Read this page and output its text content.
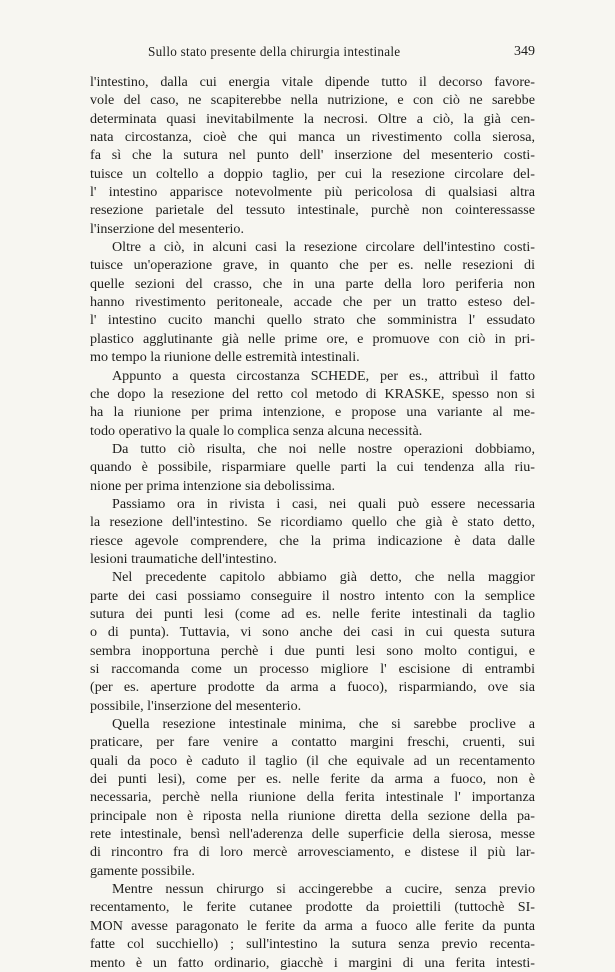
Sullo stato presente della chirurgia intestinale	349
l'intestino, dalla cui energia vitale dipende tutto il decorso favore-
vole del caso, ne scapiterebbe nella nutrizione, e con ciò ne sarebbe
determinata quasi inevitabilmente la necrosi. Oltre a ciò, la già cen-
nata circostanza, cioè che qui manca un rivestimento colla sierosa,
fa sì che la sutura nel punto dell' inserzione del mesenterio costi-
tuisce un coltello a doppio taglio, per cui la resezione circolare del-
l' intestino apparisce notevolmente più pericolosa di qualsiasi altra
resezione parietale del tessuto intestinale, purchè non cointeressasse
l'inserzione del mesenterio.
Oltre a ciò, in alcuni casi la resezione circolare dell'intestino costi-
tuisce un'operazione grave, in quanto che per es. nelle resezioni di
quelle sezioni del crasso, che in una parte della loro periferia non
hanno rivestimento peritoneale, accade che per un tratto esteso del-
l' intestino cucito manchi quello strato che somministra l' essudato
plastico agglutinante già nelle prime ore, e promuove con ciò in pri-
mo tempo la riunione delle estremità intestinali.
Appunto a questa circostanza SCHEDE, per es., attribuì il fatto
che dopo la resezione del retto col metodo di KRASKE, spesso non si
ha la riunione per prima intenzione, e propose una variante al me-
todo operativo la quale lo complica senza alcuna necessità.
Da tutto ciò risulta, che noi nelle nostre operazioni dobbiamo,
quando è possibile, risparmiare quelle parti la cui tendenza alla riu-
nione per prima intenzione sia debolissima.
Passiamo ora in rivista i casi, nei quali può essere necessaria
la resezione dell'intestino. Se ricordiamo quello che già è stato detto,
riesce agevole comprendere, che la prima indicazione è data dalle
lesioni traumatiche dell'intestino.
Nel precedente capitolo abbiamo già detto, che nella maggior
parte dei casi possiamo conseguire il nostro intento con la semplice
sutura dei punti lesi (come ad es. nelle ferite intestinali da taglio
o di punta). Tuttavia, vi sono anche dei casi in cui questa sutura
sembra inopportuna perchè i due punti lesi sono molto contigui, e
si raccomanda come un processo migliore l' escisione di entrambi
(per es. aperture prodotte da arma a fuoco), risparmiando, ove sia
possibile, l'inserzione del mesenterio.
Quella resezione intestinale minima, che si sarebbe proclive a
praticare, per fare venire a contatto margini freschi, cruenti, sui
quali da poco è caduto il taglio (il che equivale ad un recentamento
dei punti lesi), come per es. nelle ferite da arma a fuoco, non è
necessaria, perchè nella riunione della ferita intestinale l' importanza
principale non è riposta nella riunione diretta della sezione della pa-
rete intestinale, bensì nell'aderenza delle superficie della sierosa, messe
di rincontro fra di loro mercè arrovesciamento, e distese il più lar-
gamente possibile.
Mentre nessun chirurgo si accingerebbe a cucire, senza previo
recentamento, le ferite cutanee prodotte da proiettili (tuttochè SI-
MON avesse paragonato le ferite da arma a fuoco alle ferite da punta
fatte col succhiello) ; sull'intestino la sutura senza previo recenta-
mento è un fatto ordinario, giacchè i margini di una ferita intesti-
